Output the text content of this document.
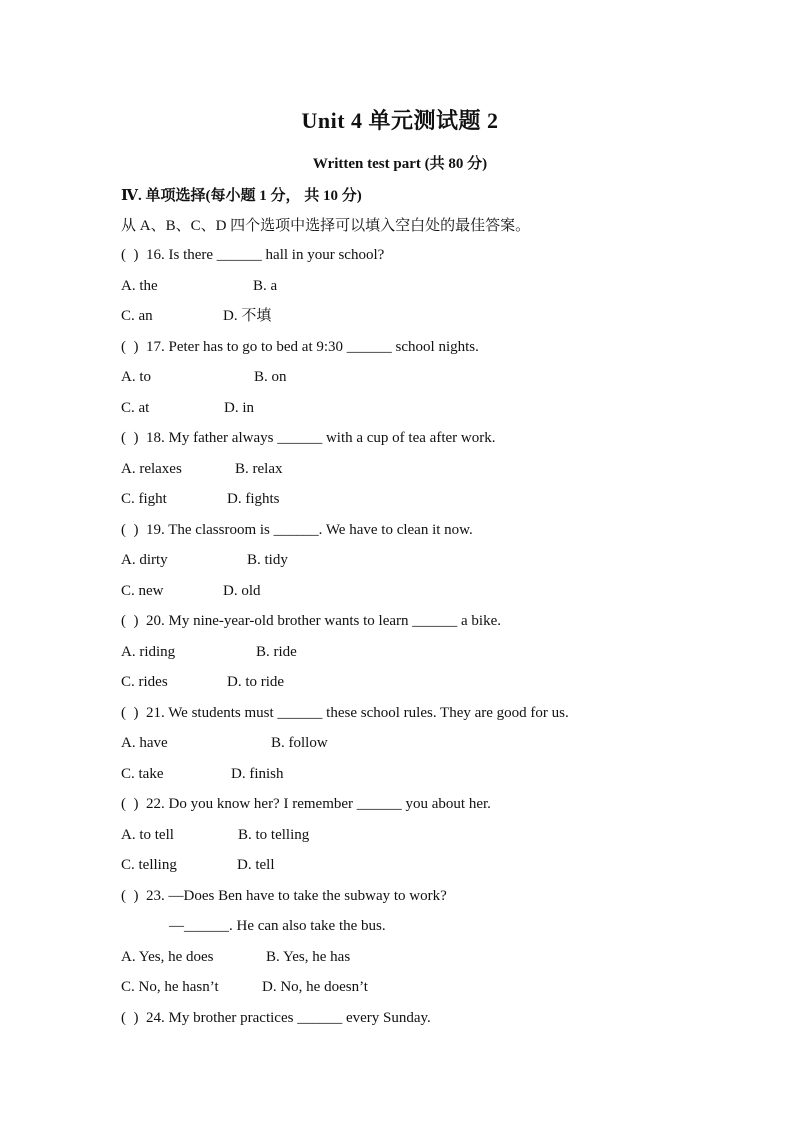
Unit 4 单元测试题 2
Written test part (共 80 分)
Ⅳ. 单项选择(每小题 1 分， 共 10 分)
从 A、B、C、D 四个选项中选择可以填入空白处的最佳答案。
(  )  16. Is there ______ hall in your school?
A. the	B. a
C. an	D. 不填
(  )  17. Peter has to go to bed at 9:30 ______ school nights.
A. to	B. on
C. at	D. in
(  )  18. My father always ______ with a cup of tea after work.
A. relaxes	B. relax
C. fight	D. fights
(  )  19. The classroom is ______. We have to clean it now.
A. dirty	B. tidy
C. new	D. old
(  )  20. My nine-year-old brother wants to learn ______ a bike.
A. riding	B. ride
C. rides	D. to ride
(  )  21. We students must ______ these school rules. They are good for us.
A. have	B. follow
C. take	D. finish
(  )  22. Do you know her? I remember ______ you about her.
A. to tell	B. to telling
C. telling	D. tell
(  )  23. —Does Ben have to take the subway to work?
—______. He can also take the bus.
A. Yes, he does	B. Yes, he has
C. No, he hasn’t	D. No, he doesn’t
(  )  24. My brother practices ______ every Sunday.
